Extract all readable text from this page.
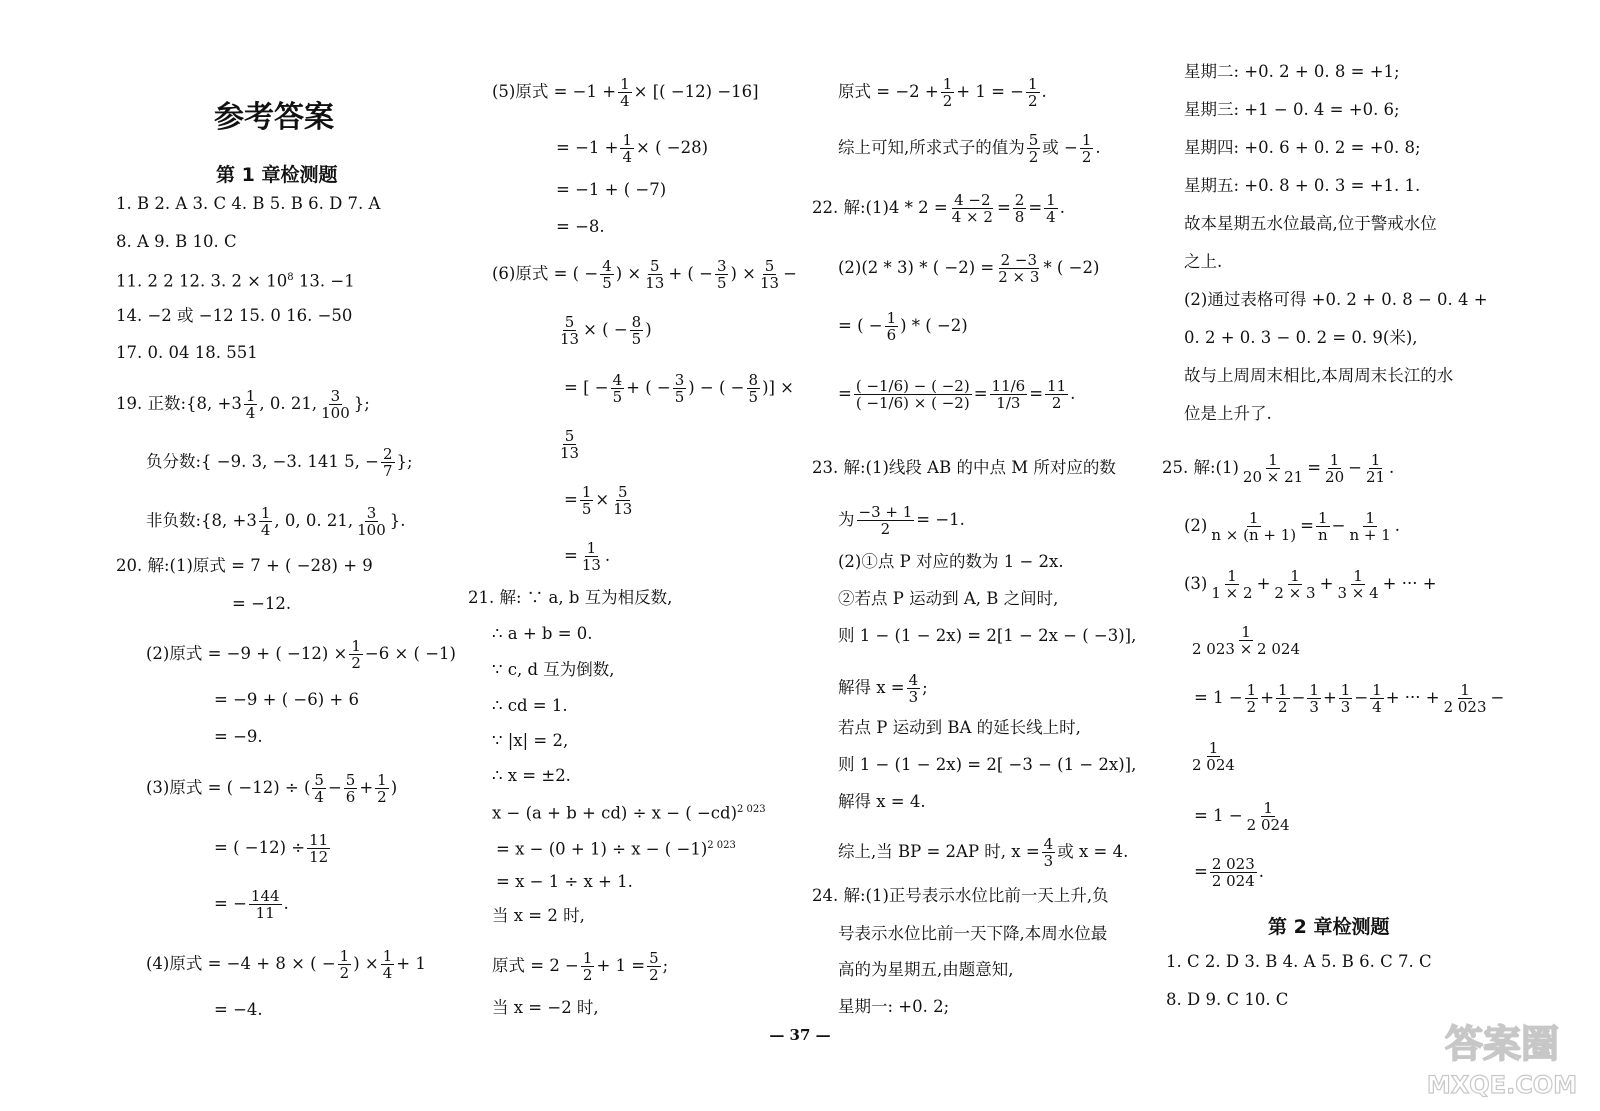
参考答案
第 1 章检测题
1. B 2. A 3. C 4. B 5. B 6. D 7. A
8. A 9. B 10. C
11. 2 2 12. 3. $2 \times 10^8$ 13. −1
14. −2 或 −12 15. 0 16. −50
17. 0. 04 18. 551
19. 正数:{8, $+3 \frac{1}{4}$ , 0. 21, $\frac{3}{100}$ };
负分数:{ −9. 3, −3. 141 5, − $\frac{2}{7}$ };
非负数:{8, $+3 \frac{1}{4}$ , 0, 0. 21, $\frac{3}{100}$ }.
20. 解:(1)原式 = 7 + ( −28) + 9
= −12.
(2)原式 = −9 + ( $-12) \times \frac{1}{2} -6$ × ( −1)
= −9 + ( −6) + 6
= −9.
(3)原式 = ( −12) ÷ ( $\frac{5}{4} - \frac{5}{6} + \frac{1}{2}$ )
= ( $-12) \div \frac{11}{12}$
= − $\frac{144}{11}$ .
(4)原式 = −4 + 8 × ( − $\frac{1}{2}$ ) × $\frac{1}{4} + 1$
= −4.
(5)原式 = $-1 + \frac{1}{4}$ × [( −12) −16]
= $-1 + \frac{1}{4}$ × ( −28)
= −1 + ( −7)
= −8.
(6)原式 = ( − $\frac{4}{5}$ ) × $\frac{5}{13}$ + ( − $\frac{3}{5}$ ) × $\frac{5}{13}$ −
$\frac{5}{13}$ × ( − $\frac{8}{5}$ )
= [ − $\frac{4}{5}$ + ( − $\frac{3}{5}$ ) − ( − $\frac{8}{5}$ )] ×
$\frac{5}{13}$
= $\frac{1}{5} \times \frac{5}{13}$
= $\frac{1}{13}$ .
21. 解: ∵ a, b 互为相反数,
∴ a + b = 0.
∵ c, d 互为倒数,
∴ cd = 1.
∵ |x| = 2,
∴ x = ±2.
x − (a + b + cd) ÷ x − ( −cd)$^{2 023}$
= x − (0 + 1) ÷ x − ( −1)$^{2 023}$
= x − 1 ÷ x + 1.
当 x = 2 时,
原式 = $2 - \frac{1}{2} + 1 = \frac{5}{2}$ ;
当 x = −2 时,
原式 = $-2 + \frac{1}{2} + 1$ = − $\frac{1}{2}$ .
综上可知,所求式子的值为 $\frac{5}{2}$ 或 − $\frac{1}{2}$ .
22. 解:(1)4 * $2 = \frac{4 -2}{4 \times 2} = \frac{2}{8} = \frac{1}{4}$ .
(2)(2 * 3) * ( $-2) = \frac{2 -3}{2 \times 3}$ * ( −2)
= ( − $\frac{1}{6}$ ) * ( −2)
= $\frac{( -1/6) - ( -2)}{( -1/6) \times ( -2)} = \frac{11/6}{1/3} = \frac{11}{2}$ .
23. 解:(1)线段 AB 的中点 M 所对应的数
为 $\frac{-3 + 1}{2} = -1$.
(2)①点 P 对应的数为 1 − 2x.
②若点 P 运动到 A, B 之间时,
则 1 − (1 − 2x) = 2[1 − 2x − ( −3)],
解得 $x = \frac{4}{3}$ ;
若点 P 运动到 BA 的延长线上时,
则 1 − (1 − 2x) = 2[ −3 − (1 − 2x)],
解得 x = 4.
综上,当 BP = 2AP 时, $x = \frac{4}{3}$ 或 x = 4.
24. 解:(1)正号表示水位比前一天上升,负
号表示水位比前一天下降,本周水位最
高的为星期五,由题意知,
星期一: +0. 2;
星期二: +0. 2 + 0. 8 = +1;
星期三: +1 − 0. 4 = +0. 6;
星期四: +0. 6 + 0. 2 = +0. 8;
星期五: +0. 8 + 0. 3 = +1. 1.
故本星期五水位最高,位于警戒水位
之上.
(2)通过表格可得 +0. 2 + 0. 8 − 0. 4 +
0. 2 + 0. 3 − 0. 2 = 0. 9(米),
故与上周周末相比,本周周末长江的水
位是上升了.
25. 解:(1) $\frac{1}{20 \times 21} = \frac{1}{20} - \frac{1}{21}$ .
$(2) \frac{1}{n \times (n + 1)} = \frac{1}{n} - \frac{1}{n + 1}$ .
$(3) \frac{1}{1 \times 2} + \frac{1}{2 \times 3} + \frac{1}{3 \times 4}$ + ··· +
$\frac{1}{2 023 \times 2 024}$
= $1 - \frac{1}{2} + \frac{1}{2} - \frac{1}{3} + \frac{1}{3} - \frac{1}{4}$ + ··· + $\frac{1}{2 023}$ −
$\frac{1}{2 024}$
= $1 - \frac{1}{2 024}$
= $\frac{2 023}{2 024}$ .
第 2 章检测题
1. C 2. D 3. B 4. A 5. B 6. C 7. C
8. D 9. C 10. C
— 37 —	答案圈
MXQE.COM
